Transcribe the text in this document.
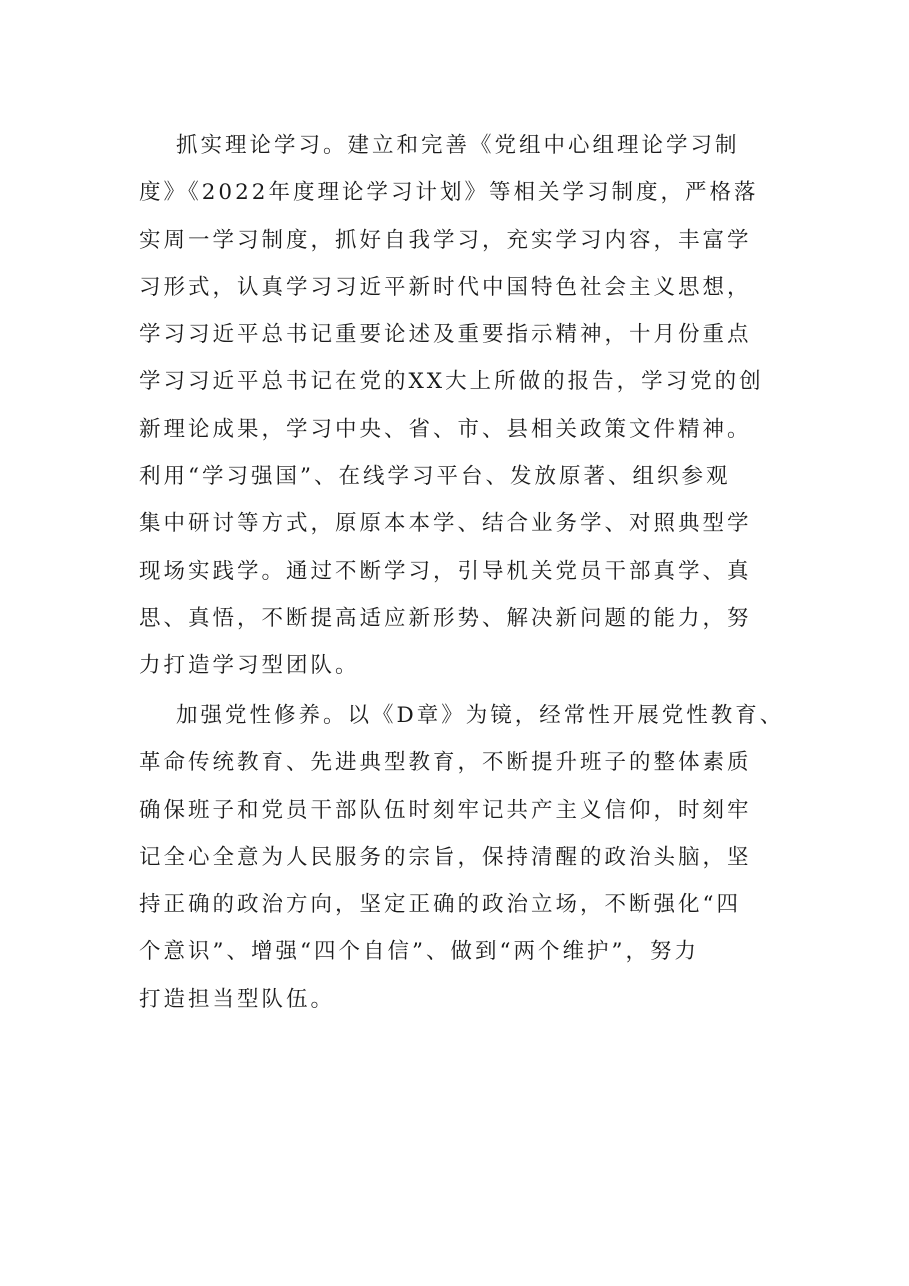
抓实理论学习。建立和完善《党组中心组理论学习制
度》《2022年度理论学习计划》等相关学习制度，严格落
实周一学习制度，抓好自我学习，充实学习内容，丰富学
习形式，认真学习习近平新时代中国特色社会主义思想，
学习习近平总书记重要论述及重要指示精神，十月份重点
学习习近平总书记在党的XX大上所做的报告，学习党的创
新理论成果，学习中央、省、市、县相关政策文件精神。
利用“学习强国”、在线学习平台、发放原著、组织参观
集中研讨等方式，原原本本学、结合业务学、对照典型学
现场实践学。通过不断学习，引导机关党员干部真学、真
思、真悟，不断提高适应新形势、解决新问题的能力，努
力打造学习型团队。
加强党性修养。以《D章》为镜，经常性开展党性教育、
革命传统教育、先进典型教育，不断提升班子的整体素质
确保班子和党员干部队伍时刻牢记共产主义信仰，时刻牢
记全心全意为人民服务的宗旨，保持清醒的政治头脑，坚
持正确的政治方向，坚定正确的政治立场，不断强化“四
个意识”、增强“四个自信”、做到“两个维护”，努力
打造担当型队伍。
